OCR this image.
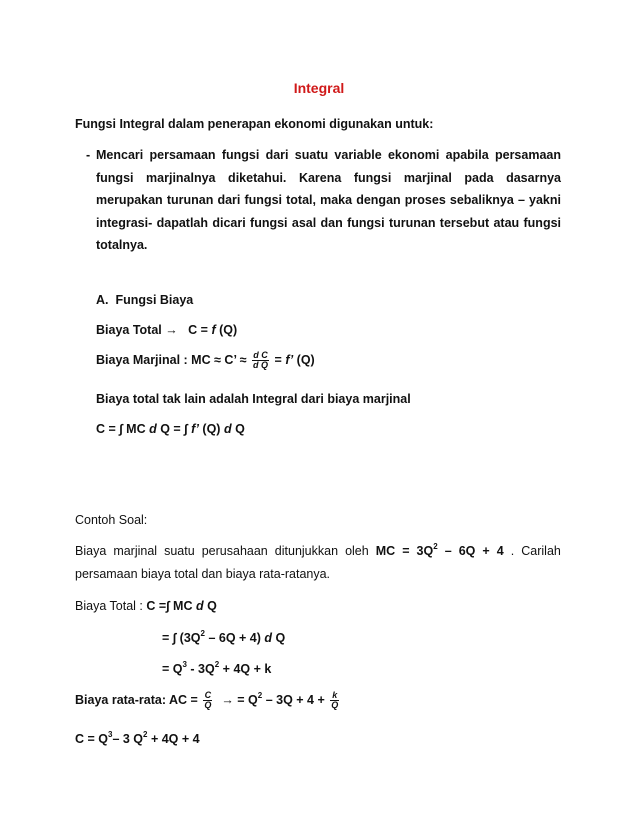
Integral
Fungsi Integral dalam penerapan ekonomi digunakan untuk:
- Mencari persamaan fungsi dari suatu variable ekonomi apabila persamaan fungsi marjinalnya diketahui. Karena fungsi marjinal pada dasarnya merupakan turunan dari fungsi total, maka dengan proses sebaliknya – yakni integrasi- dapatlah dicari fungsi asal dan fungsi turunan tersebut atau fungsi totalnya.
A. Fungsi Biaya
Biaya Total → C = f (Q)
Biaya Marjinal : MC ≈ C’ ≈ $\frac{\text{d C}}{\text{d Q}} = f$’ (Q)
Biaya total tak lain adalah Integral dari biaya marjinal
C = ∫ MC d Q = ∫ f’ (Q) d Q
Contoh Soal:
Biaya marjinal suatu perusahaan ditunjukkan oleh MC = $3Q^2 - 6Q + 4$ . Carilah
persamaan biaya total dan biaya rata-ratanya.
Biaya Total : C =∫ MC d Q
= ∫ $(3Q^2 - 6Q + 4)$ d Q
= $Q^3 - 3Q^2 + 4Q + k$
Biaya rata-rata: AC = $\frac{C}{Q}$ → = $Q^2 - 3Q + 4 + \frac{k}{Q}$
$C = Q^3-$ 3 $Q^2 + 4Q + 4$
